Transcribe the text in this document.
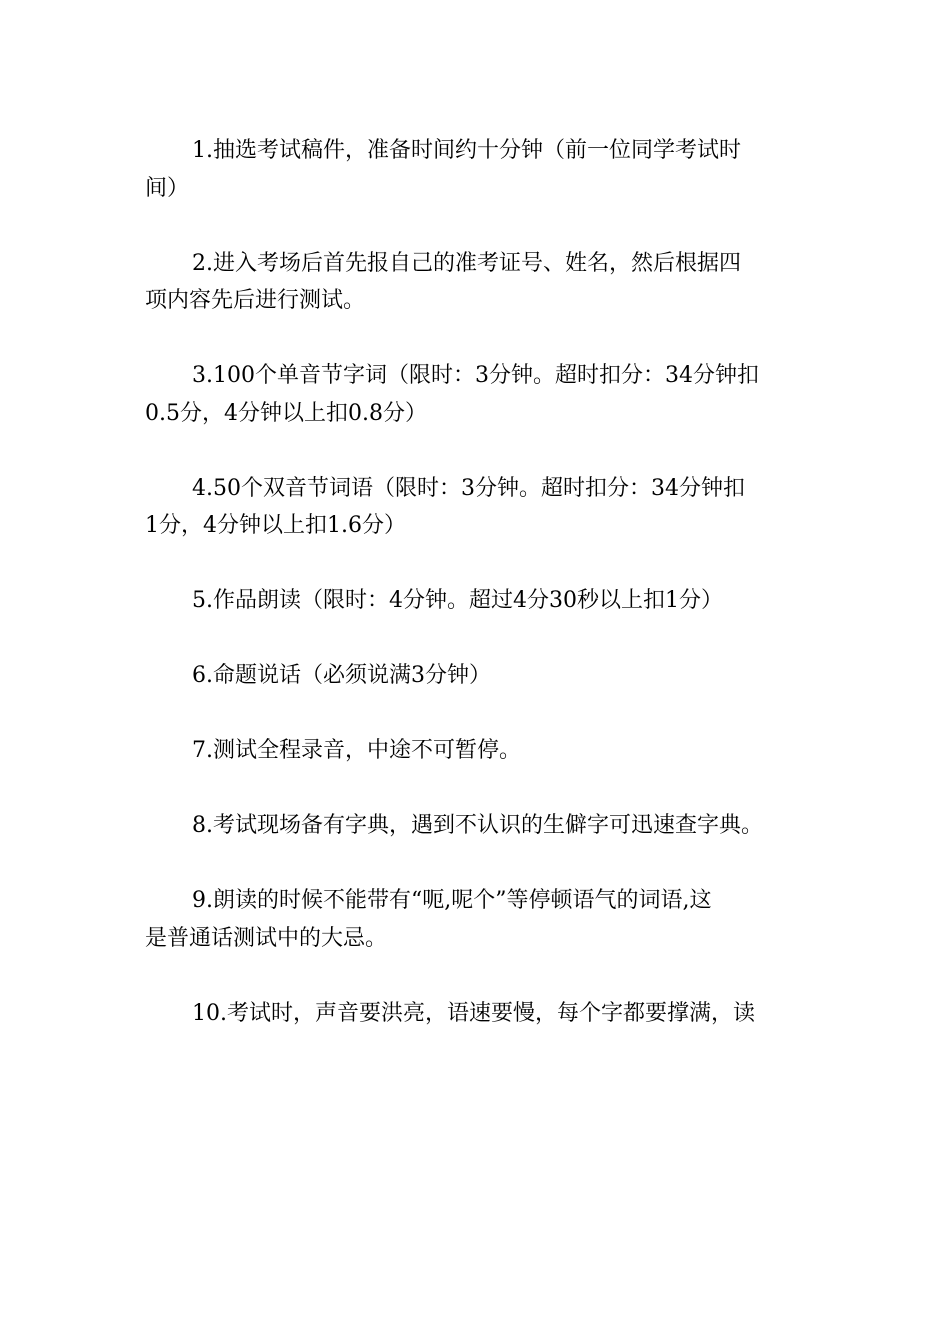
1.抽选考试稿件，准备时间约十分钟（前一位同学考试时
间）
2.进入考场后首先报自己的准考证号、姓名，然后根据四
项内容先后进行测试。
3.100个单音节字词（限时：3分钟。超时扣分：34分钟扣
0.5分，4分钟以上扣0.8分）
4.50个双音节词语（限时：3分钟。超时扣分：34分钟扣
1分，4分钟以上扣1.6分）
5.作品朗读（限时：4分钟。超过4分30秒以上扣1分）
6.命题说话（必须说满3分钟）
7.测试全程录音，中途不可暂停。
8.考试现场备有字典，遇到不认识的生僻字可迅速查字典。
9.朗读的时候不能带有“呃,呢个”等停顿语气的词语,这
是普通话测试中的大忌。
10.考试时，声音要洪亮，语速要慢，每个字都要撑满，读
